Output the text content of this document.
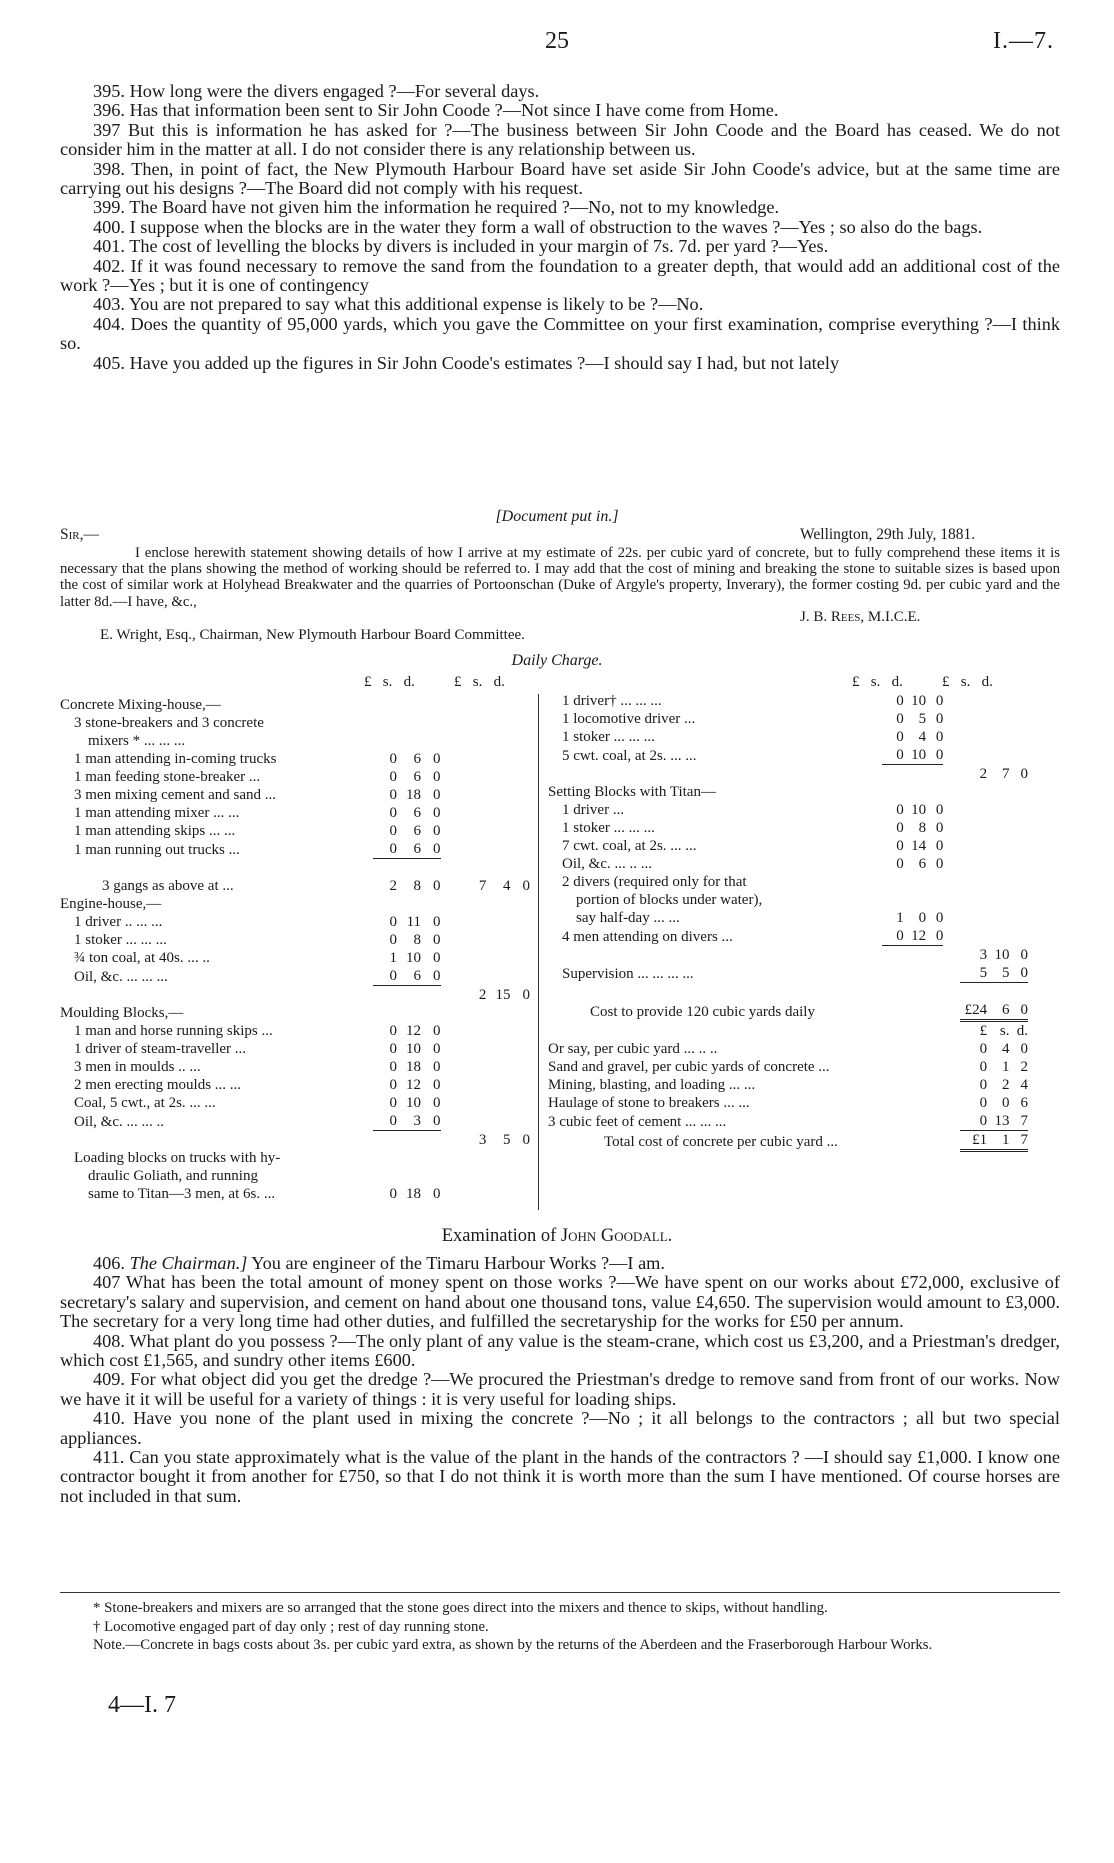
25	I.—7.

395. How long were the divers engaged ?—For several days.

396. Has that information been sent to Sir John Coode ?—Not since I have come from Home.

397 But this is information he has asked for ?—The business between Sir John Coode and the Board has ceased. We do not consider him in the matter at all. I do not consider there is any relationship between us.

398. Then, in point of fact, the New Plymouth Harbour Board have set aside Sir John Coode's advice, but at the same time are carrying out his designs ?—The Board did not comply with his request.

399. The Board have not given him the information he required ?—No, not to my knowledge.

400. I suppose when the blocks are in the water they form a wall of obstruction to the waves ?—Yes ; so also do the bags.

401. The cost of levelling the blocks by divers is included in your margin of 7s. 7d. per yard ?—Yes.

402. If it was found necessary to remove the sand from the foundation to a greater depth, that would add an additional cost of the work ?—Yes ; but it is one of contingency

403. You are not prepared to say what this additional expense is likely to be ?—No.

404. Does the quantity of 95,000 yards, which you gave the Committee on your first examination, comprise everything ?—I think so.

405. Have you added up the figures in Sir John Coode's estimates ?—I should say I had, but not lately

[Document put in.]
Sir,—	Wellington, 29th July, 1881.
I enclose herewith statement showing details of how I arrive at my estimate of 22s. per cubic yard of concrete, but to fully comprehend these items it is necessary that the plans showing the method of working should be referred to. I may add that the cost of mining and breaking the stone to suitable sizes is based upon the cost of similar work at Holyhead Breakwater and the quarries of Portoonschan (Duke of Argyle's property, Inverary), the former costing 9d. per cubic yard and the latter 8d.—I have, &c.,
J. B. Rees, M.I.C.E.
E. Wright, Esq., Chairman, New Plymouth Harbour Board Committee.
Daily Charge.
£ s. d.	£ s. d.
Concrete Mixing-house,—							
3 stone-breakers and 3 concrete							
mixers * ... ... ...							
1 man attending in-coming trucks	0	6	0				
1 man feeding stone-breaker ...	0	6	0				
3 men mixing cement and sand ...	0	18	0				
1 man attending mixer ... ...	0	6	0				
1 man attending skips ... ...	0	6	0				
1 man running out trucks ...	0	6	0				

3 gangs as above at ...	2	8	0		7	4	0
Engine-house,—							
1 driver .. ... ...	0	11	0				
1 stoker ... ... ...	0	8	0				
¾ ton coal, at 40s. ... ..	1	10	0				
Oil, &c. ... ... ...	0	6	0				
					2	15	0
Moulding Blocks,—							
1 man and horse running skips ...	0	12	0				
1 driver of steam-traveller ...	0	10	0				
3 men in moulds .. ...	0	18	0				
2 men erecting moulds ... ...	0	12	0				
Coal, 5 cwt., at 2s. ... ...	0	10	0				
Oil, &c. ... ... ..	0	3	0				
					3	5	0
Loading blocks on trucks with hy-							
draulic Goliath, and running							
same to Titan—3 men, at 6s. ...	0	18	0				

1 driver† ... ... ...	0	10	0				
1 locomotive driver ...	0	5	0				
1 stoker ... ... ...	0	4	0				
5 cwt. coal, at 2s. ... ...	0	10	0				
					2	7	0
Setting Blocks with Titan—							
1 driver ...	0	10	0				
1 stoker ... ... ...	0	8	0				
7 cwt. coal, at 2s. ... ...	0	14	0				
Oil, &c. ... .. ...	0	6	0				
2 divers (required only for that							
portion of blocks under water),							
say half-day ... ...	1	0	0				
4 men attending on divers ...	0	12	0				
					3	10	0
Supervision ... ... ... ...					5	5	0

Cost to provide 120 cubic yards daily					£24	6	0
					£	s.	d.
Or say, per cubic yard ... .. ..					0	4	0
Sand and gravel, per cubic yards of concrete ...					0	1	2
Mining, blasting, and loading ... ...					0	2	4
Haulage of stone to breakers ... ...					0	0	6
3 cubic feet of cement ... ... ...					0	13	7
Total cost of concrete per cubic yard ...					£1	1	7
£ s. d.	£ s. d.
Examination of John Goodall.

406. The Chairman.] You are engineer of the Timaru Harbour Works ?—I am.

407 What has been the total amount of money spent on those works ?—We have spent on our works about £72,000, exclusive of secretary's salary and supervision, and cement on hand about one thousand tons, value £4,650. The supervision would amount to £3,000. The secretary for a very long time had other duties, and fulfilled the secretaryship for the works for £50 per annum.

408. What plant do you possess ?—The only plant of any value is the steam-crane, which cost us £3,200, and a Priestman's dredger, which cost £1,565, and sundry other items £600.

409. For what object did you get the dredge ?—We procured the Priestman's dredge to remove sand from front of our works. Now we have it it will be useful for a variety of things : it is very useful for loading ships.

410. Have you none of the plant used in mixing the concrete ?—No ; it all belongs to the contractors ; all but two special appliances.

411. Can you state approximately what is the value of the plant in the hands of the contractors ? —I should say £1,000. I know one contractor bought it from another for £750, so that I do not think it is worth more than the sum I have mentioned. Of course horses are not included in that sum.

* Stone-breakers and mixers are so arranged that the stone goes direct into the mixers and thence to skips, without handling.

† Locomotive engaged part of day only ; rest of day running stone.

Note.—Concrete in bags costs about 3s. per cubic yard extra, as shown by the returns of the Aberdeen and the Fraserborough Harbour Works.

4—I. 7
